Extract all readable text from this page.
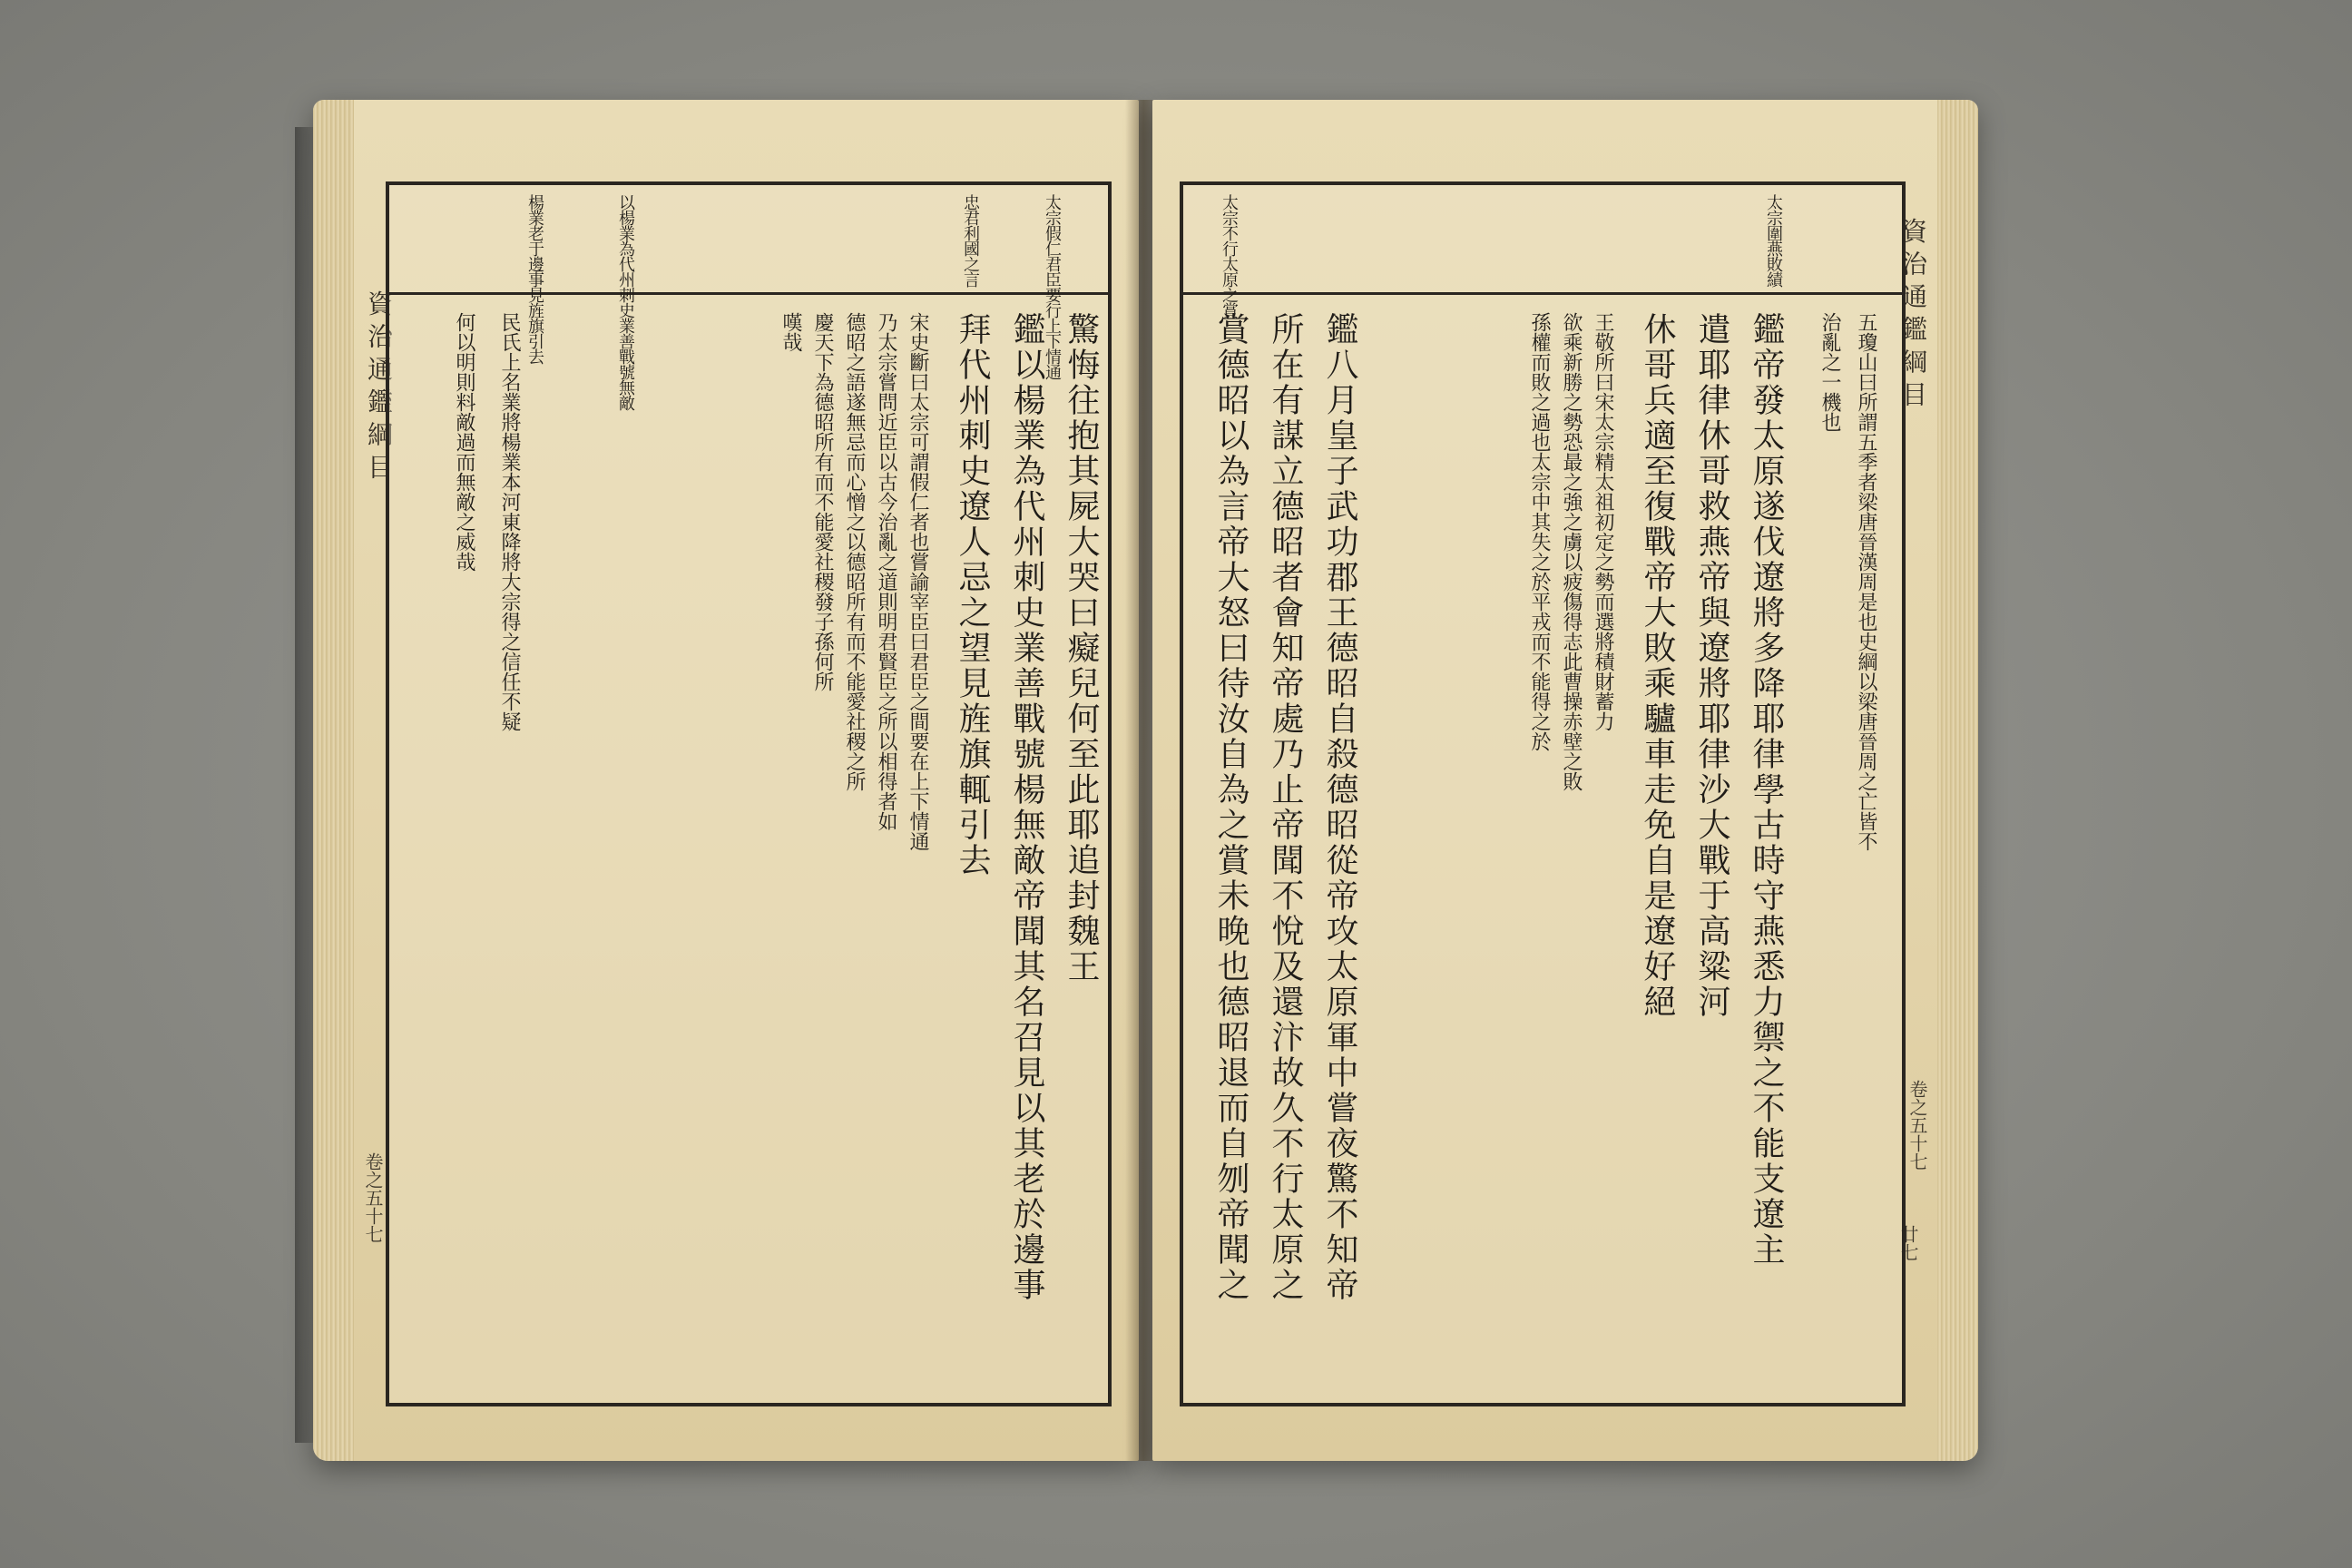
資治通鑑綱目
卷之五十七
太宗假仁君臣要行上下情通
忠君利國之言
以楊業為代州刺史業善戰號無敵
楊業老于邊事見旌旗引去
驚悔往抱其屍大哭曰癡兒何至此耶追封魏王
鑑以楊業為代州刺史業善戰號楊無敵帝聞其名召見以其老於邊事
拜代州刺史遼人忌之望見旌旗輒引去
宋史斷曰太宗可謂假仁者也嘗諭宰臣曰君臣之間要在上下情通
乃太宗嘗問近臣以古今治亂之道則明君賢臣之所以相得者如
德昭之語遂無忌而心憎之以德昭所有而不能愛社稷之所
慶天下為德昭所有而不能愛社稷發子孫何所
嘆哉
民氏上名業將楊業本河東降將大宗得之信任不疑
何以明則料敵過而無敵之威哉	資治通鑑綱目
卷之五十七
廿七
太宗圍燕敗績
太宗不行太原之賞
五瓊山曰所謂五季者梁唐晉漢周是也史綱以梁唐晉周之亡皆不
治亂之一機也
鑑帝發太原遂伐遼將多降耶律學古時守燕悉力禦之不能支遼主
遣耶律休哥救燕帝與遼將耶律沙大戰于高粱河
休哥兵適至復戰帝大敗乘驢車走免自是遼好絕
王敬所曰宋太宗精太祖初定之勢而選將積財蓄力
欲乘新勝之勢恐最之強之虜以疲傷得志此曹操赤壁之敗
孫權而敗之過也太宗中其失之於平戎而不能得之於
鑑八月皇子武功郡王德昭自殺德昭從帝攻太原軍中嘗夜驚不知帝
所在有謀立德昭者會知帝處乃止帝聞不悅及還汴故久不行太原之
賞德昭以為言帝大怒曰待汝自為之賞未晚也德昭退而自刎帝聞之
